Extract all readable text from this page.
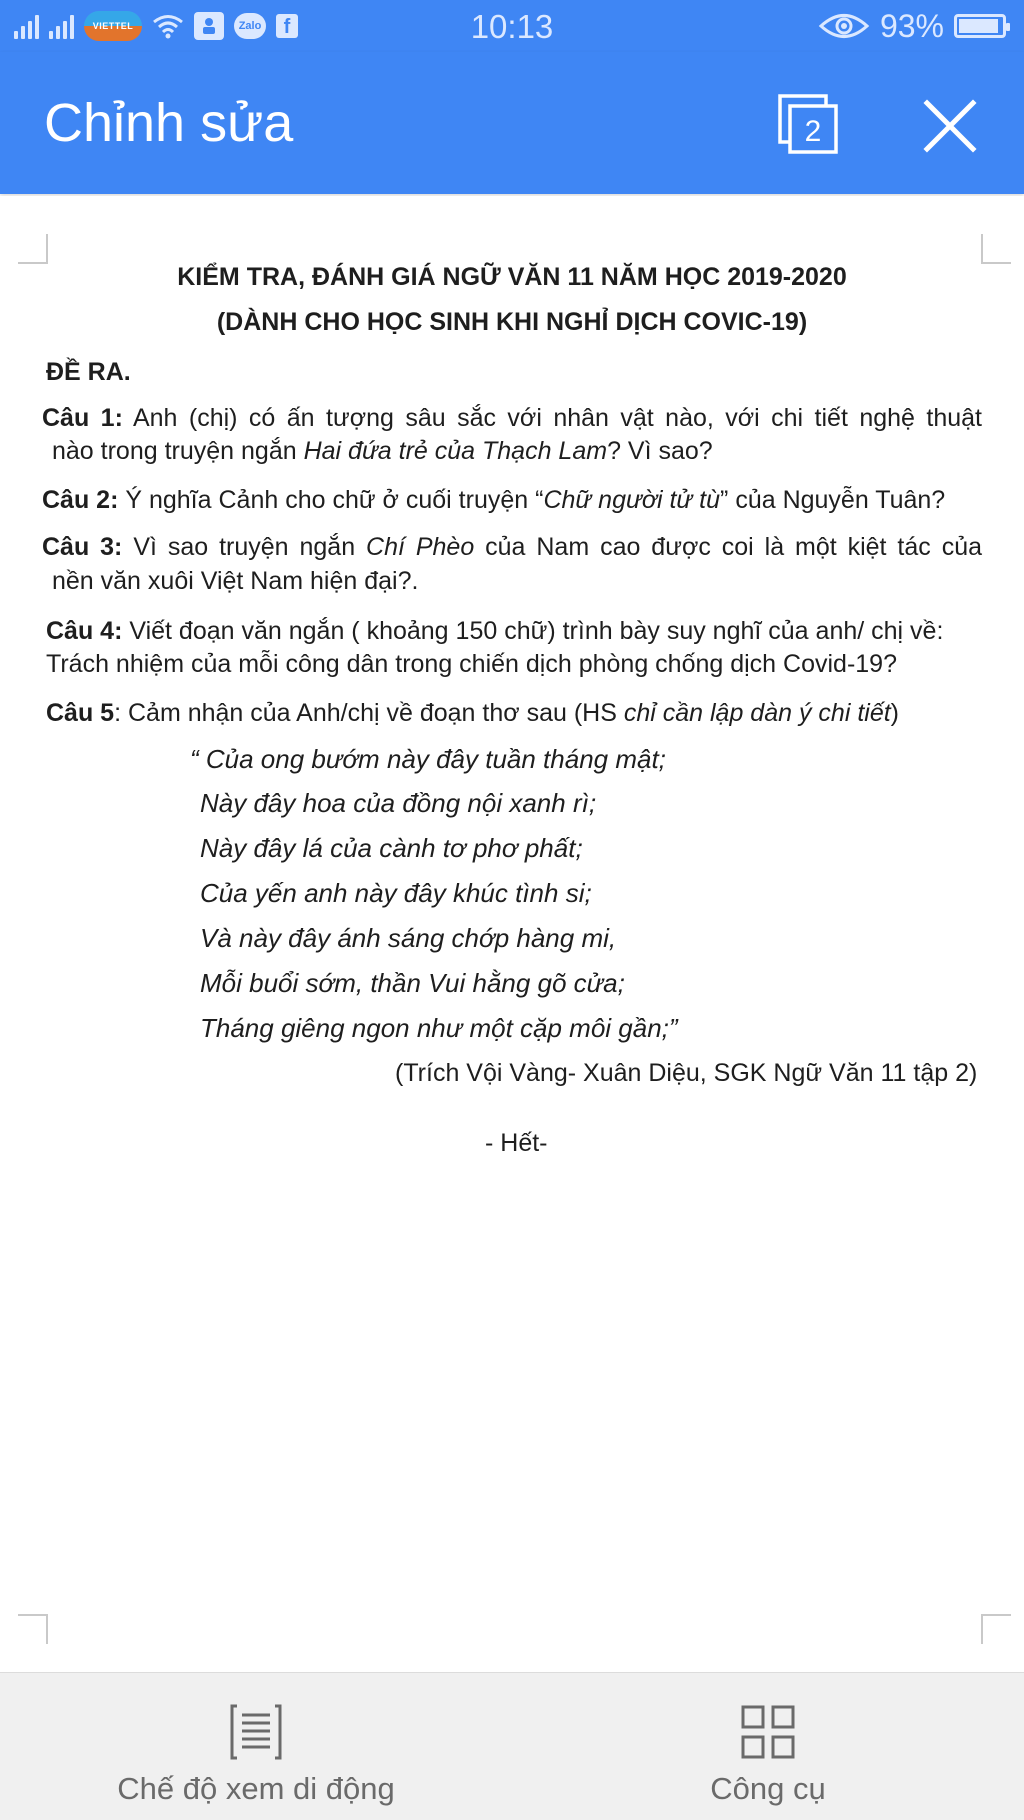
VIETTEL	Zalo f	10:13	93%
Chỉnh sửa	2
KIỂM TRA, ĐÁNH GIÁ NGỮ VĂN 11 NĂM HỌC 2019-2020
(DÀNH CHO HỌC SINH KHI NGHỈ DỊCH COVIC-19)
ĐỀ RA.
Câu 1: Anh (chị) có ấn tượng sâu sắc với nhân vật nào, với chi tiết nghệ thuật
nào trong truyện ngắn Hai đứa trẻ của Thạch Lam? Vì sao?
Câu 2: Ý nghĩa Cảnh cho chữ ở cuối truyện “Chữ người tử tù” của Nguyễn Tuân?
Câu 3: Vì sao truyện ngắn Chí Phèo của Nam cao được coi là một kiệt tác của
nền văn xuôi Việt Nam hiện đại?.
Câu 4: Viết đoạn văn ngắn ( khoảng 150 chữ) trình bày suy nghĩ của anh/ chị về:
Trách nhiệm của mỗi công dân trong chiến dịch phòng chống dịch Covid-19?
Câu 5: Cảm nhận của Anh/chị về đoạn thơ sau (HS chỉ cần lập dàn ý chi tiết)
“ Của ong bướm này đây tuần tháng mật;
Này đây hoa của đồng nội xanh rì;
Này đây lá của cành tơ phơ phất;
Của yến anh này đây khúc tình si;
Và này đây ánh sáng chớp hàng mi,
Mỗi buổi sớm, thần Vui hằng gõ cửa;
Tháng giêng ngon như một cặp môi gần;”
(Trích Vội Vàng- Xuân Diệu, SGK Ngữ Văn 11 tập 2)
- Hết-
Chế độ xem di động	Công cụ
